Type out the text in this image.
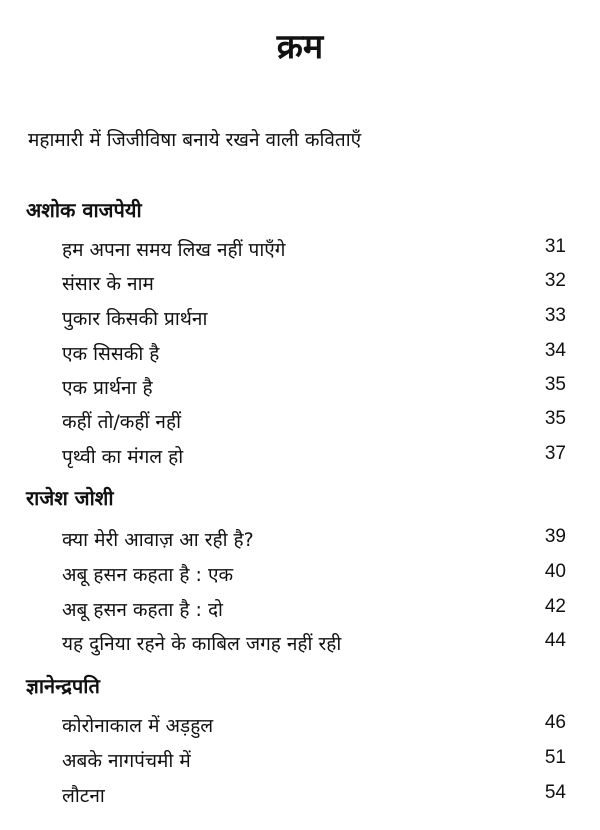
क्रम
महामारी में जिजीविषा बनाये रखने वाली कविताएँ
अशोक वाजपेयी
हम अपना समय लिख नहीं पाएँगे	31
संसार के नाम	32
पुकार किसकी प्रार्थना	33
एक सिसकी है	34
एक प्रार्थना है	35
कहीं तो/कहीं नहीं	35
पृथ्वी का मंगल हो	37
राजेश जोशी
क्या मेरी आवाज़ आ रही है?	39
अबू हसन कहता है : एक	40
अबू हसन कहता है : दो	42
यह दुनिया रहने के काबिल जगह नहीं रही	44
ज्ञानेन्द्रपति
कोरोनाकाल में अड़हुल	46
अबके नागपंचमी में	51
लौटना	54
